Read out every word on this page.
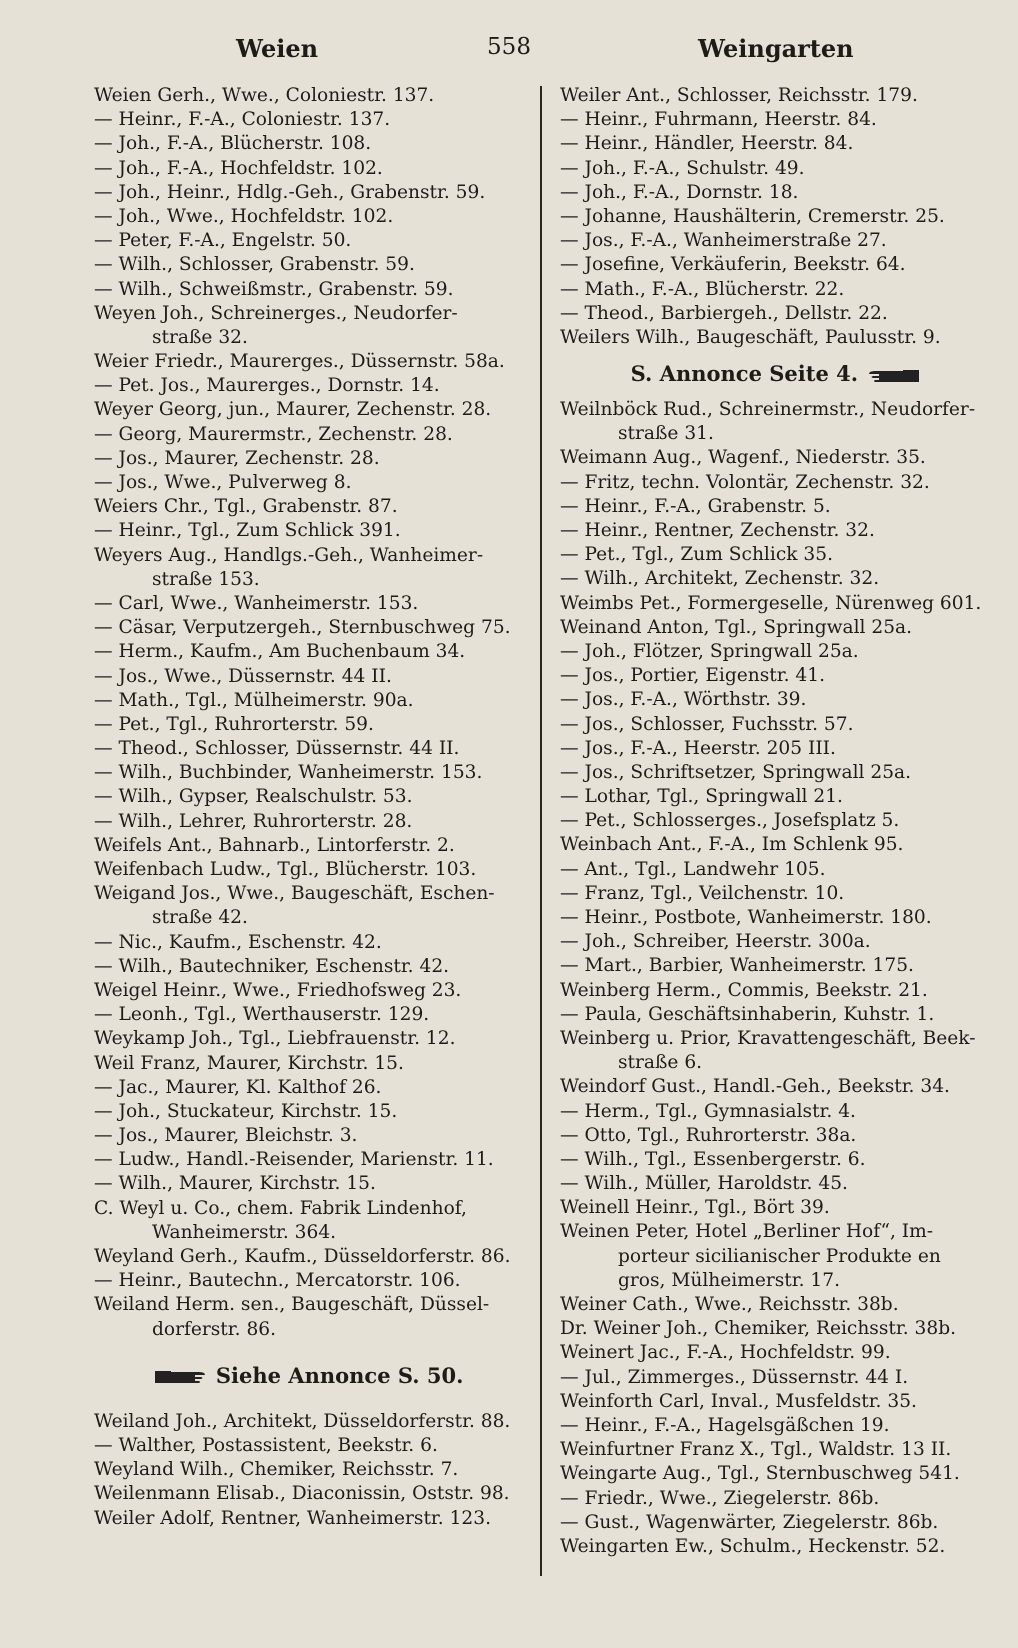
Weien	558	Weingarten
Weien Gerh., Wwe., Coloniestr. 137.
— Heinr., F.-A., Coloniestr. 137.
— Joh., F.-A., Blücherstr. 108.
— Joh., F.-A., Hochfeldstr. 102.
— Joh., Heinr., Hdlg.-Geh., Grabenstr. 59.
— Joh., Wwe., Hochfeldstr. 102.
— Peter, F.-A., Engelstr. 50.
— Wilh., Schlosser, Grabenstr. 59.
— Wilh., Schweißmstr., Grabenstr. 59.
Weyen Joh., Schreinerges., Neudorfer-
straße 32.
Weier Friedr., Maurerges., Düssernstr. 58a.
— Pet. Jos., Maurerges., Dornstr. 14.
Weyer Georg, jun., Maurer, Zechenstr. 28.
— Georg, Maurermstr., Zechenstr. 28.
— Jos., Maurer, Zechenstr. 28.
— Jos., Wwe., Pulverweg 8.
Weiers Chr., Tgl., Grabenstr. 87.
— Heinr., Tgl., Zum Schlick 391.
Weyers Aug., Handlgs.-Geh., Wanheimer-
straße 153.
— Carl, Wwe., Wanheimerstr. 153.
— Cäsar, Verputzergeh., Sternbuschweg 75.
— Herm., Kaufm., Am Buchenbaum 34.
— Jos., Wwe., Düssernstr. 44 II.
— Math., Tgl., Mülheimerstr. 90a.
— Pet., Tgl., Ruhrorterstr. 59.
— Theod., Schlosser, Düssernstr. 44 II.
— Wilh., Buchbinder, Wanheimerstr. 153.
— Wilh., Gypser, Realschulstr. 53.
— Wilh., Lehrer, Ruhrorterstr. 28.
Weifels Ant., Bahnarb., Lintorferstr. 2.
Weifenbach Ludw., Tgl., Blücherstr. 103.
Weigand Jos., Wwe., Baugeschäft, Eschen-
straße 42.
— Nic., Kaufm., Eschenstr. 42.
— Wilh., Bautechniker, Eschenstr. 42.
Weigel Heinr., Wwe., Friedhofsweg 23.
— Leonh., Tgl., Werthauserstr. 129.
Weykamp Joh., Tgl., Liebfrauenstr. 12.
Weil Franz, Maurer, Kirchstr. 15.
— Jac., Maurer, Kl. Kalthof 26.
— Joh., Stuckateur, Kirchstr. 15.
— Jos., Maurer, Bleichstr. 3.
— Ludw., Handl.-Reisender, Marienstr. 11.
— Wilh., Maurer, Kirchstr. 15.
C. Weyl u. Co., chem. Fabrik Lindenhof,
Wanheimerstr. 364.
Weyland Gerh., Kaufm., Düsseldorferstr. 86.
— Heinr., Bautechn., Mercatorstr. 106.
Weiland Herm. sen., Baugeschäft, Düssel-
dorferstr. 86.
Siehe Annonce S. 50.
Weiland Joh., Architekt, Düsseldorferstr. 88.
— Walther, Postassistent, Beekstr. 6.
Weyland Wilh., Chemiker, Reichsstr. 7.
Weilenmann Elisab., Diaconissin, Oststr. 98.
Weiler Adolf, Rentner, Wanheimerstr. 123.
Weiler Ant., Schlosser, Reichsstr. 179.
— Heinr., Fuhrmann, Heerstr. 84.
— Heinr., Händler, Heerstr. 84.
— Joh., F.-A., Schulstr. 49.
— Joh., F.-A., Dornstr. 18.
— Johanne, Haushälterin, Cremerstr. 25.
— Jos., F.-A., Wanheimerstraße 27.
— Josefine, Verkäuferin, Beekstr. 64.
— Math., F.-A., Blücherstr. 22.
— Theod., Barbiergeh., Dellstr. 22.
Weilers Wilh., Baugeschäft, Paulusstr. 9.
S. Annonce Seite 4.
Weilnböck Rud., Schreinermstr., Neudorfer-
straße 31.
Weimann Aug., Wagenf., Niederstr. 35.
— Fritz, techn. Volontär, Zechenstr. 32.
— Heinr., F.-A., Grabenstr. 5.
— Heinr., Rentner, Zechenstr. 32.
— Pet., Tgl., Zum Schlick 35.
— Wilh., Architekt, Zechenstr. 32.
Weimbs Pet., Formergeselle, Nürenweg 601.
Weinand Anton, Tgl., Springwall 25a.
— Joh., Flötzer, Springwall 25a.
— Jos., Portier, Eigenstr. 41.
— Jos., F.-A., Wörthstr. 39.
— Jos., Schlosser, Fuchsstr. 57.
— Jos., F.-A., Heerstr. 205 III.
— Jos., Schriftsetzer, Springwall 25a.
— Lothar, Tgl., Springwall 21.
— Pet., Schlosserges., Josefsplatz 5.
Weinbach Ant., F.-A., Im Schlenk 95.
— Ant., Tgl., Landwehr 105.
— Franz, Tgl., Veilchenstr. 10.
— Heinr., Postbote, Wanheimerstr. 180.
— Joh., Schreiber, Heerstr. 300a.
— Mart., Barbier, Wanheimerstr. 175.
Weinberg Herm., Commis, Beekstr. 21.
— Paula, Geschäftsinhaberin, Kuhstr. 1.
Weinberg u. Prior, Kravattengeschäft, Beek-
straße 6.
Weindorf Gust., Handl.-Geh., Beekstr. 34.
— Herm., Tgl., Gymnasialstr. 4.
— Otto, Tgl., Ruhrorterstr. 38a.
— Wilh., Tgl., Essenbergerstr. 6.
— Wilh., Müller, Haroldstr. 45.
Weinell Heinr., Tgl., Bört 39.
Weinen Peter, Hotel „Berliner Hof“, Im-
porteur sicilianischer Produkte en
gros, Mülheimerstr. 17.
Weiner Cath., Wwe., Reichsstr. 38b.
Dr. Weiner Joh., Chemiker, Reichsstr. 38b.
Weinert Jac., F.-A., Hochfeldstr. 99.
— Jul., Zimmerges., Düssernstr. 44 I.
Weinforth Carl, Inval., Musfeldstr. 35.
— Heinr., F.-A., Hagelsgäßchen 19.
Weinfurtner Franz X., Tgl., Waldstr. 13 II.
Weingarte Aug., Tgl., Sternbuschweg 541.
— Friedr., Wwe., Ziegelerstr. 86b.
— Gust., Wagenwärter, Ziegelerstr. 86b.
Weingarten Ew., Schulm., Heckenstr. 52.
